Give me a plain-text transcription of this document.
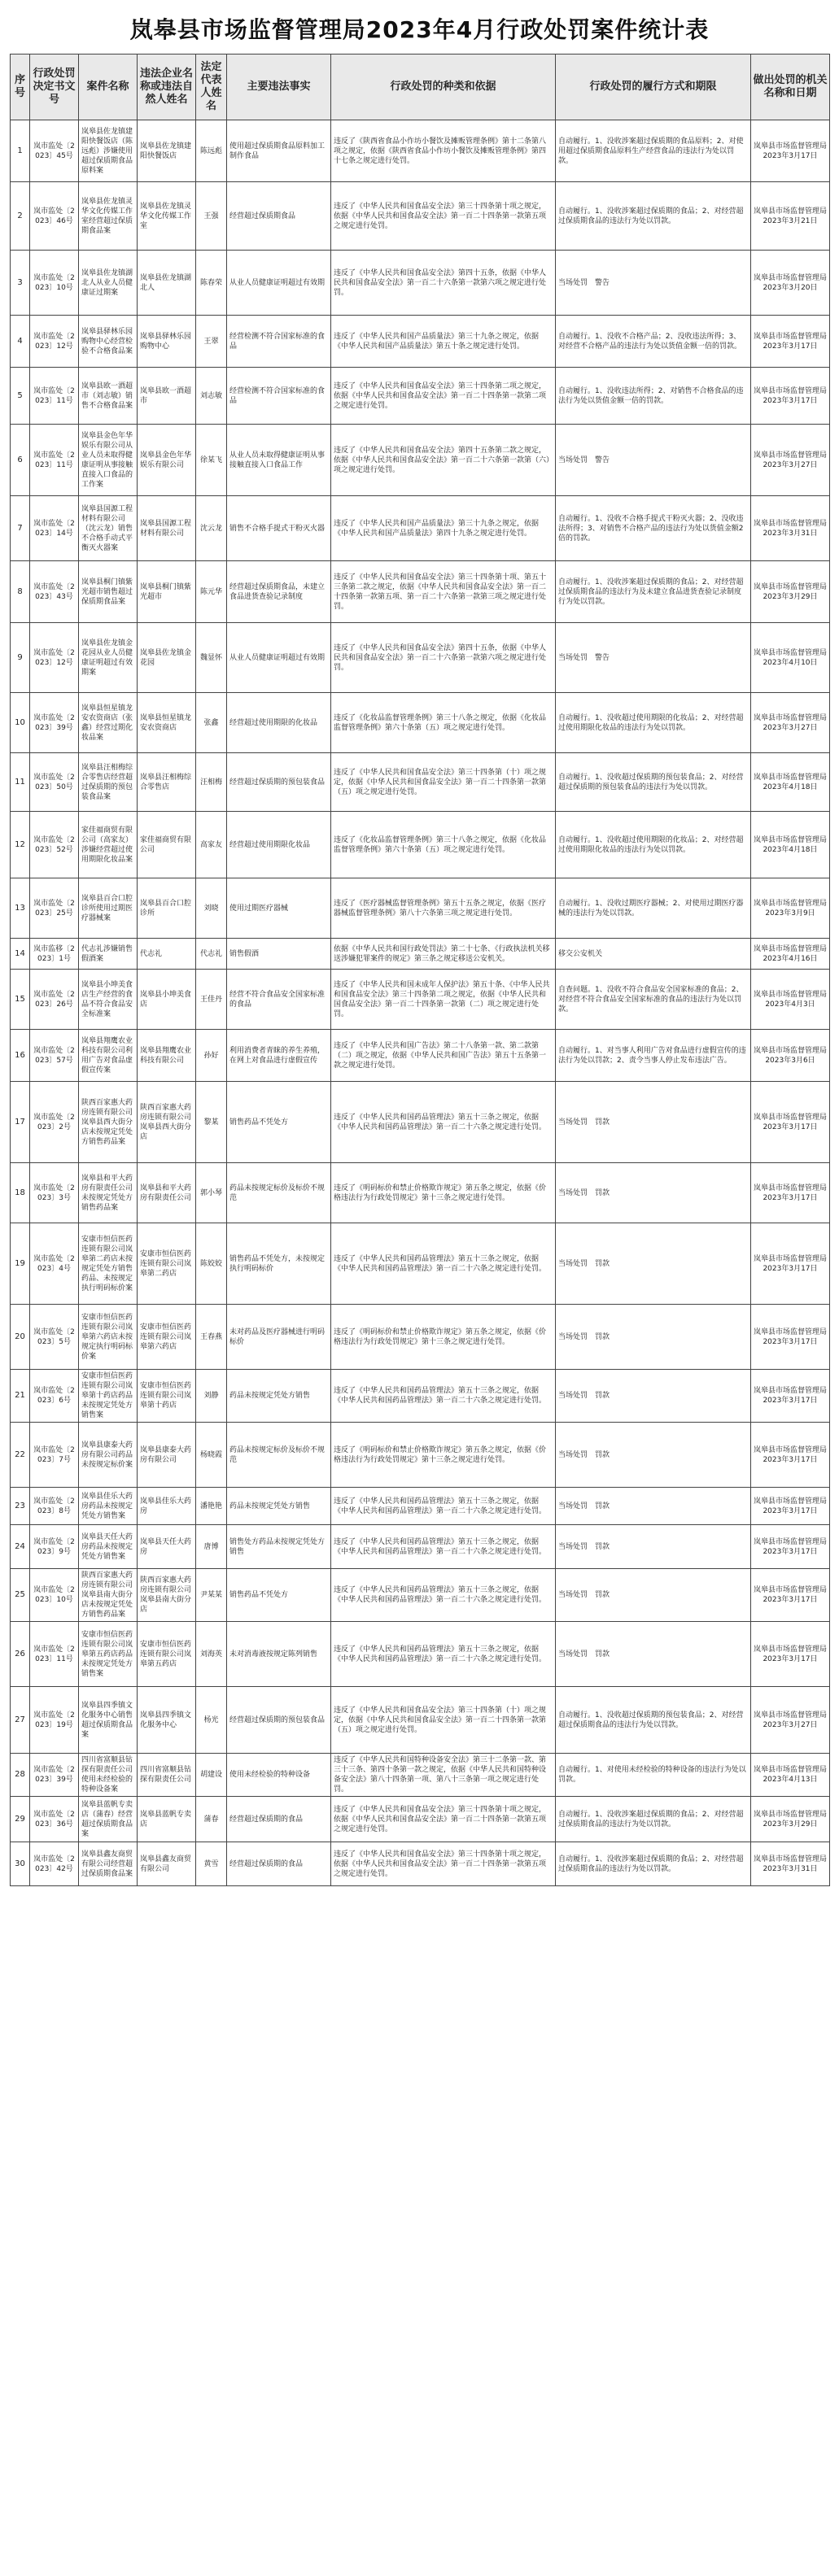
岚皋县市场监督管理局2023年4月行政处罚案件统计表
序号	行政处罚决定书文号	案件名称	违法企业名称或违法自然人姓名	法定代表人姓名	主要违法事实	行政处罚的种类和依据	行政处罚的履行方式和期限	做出处罚的机关名称和日期
1	岚市监处〔2023〕45号	岚皋县佐龙镇建阳快餐饭店（陈远彪）涉嫌使用超过保质期食品原料案	岚皋县佐龙镇建阳快餐饭店	陈远彪	使用超过保质期食品原料加工制作食品	违反了《陕西省食品小作坊小餐饮及摊贩管理条例》第十二条第八项之规定，依据《陕西省食品小作坊小餐饮及摊贩管理条例》第四十七条之规定进行处罚。	自动履行。1、没收涉案超过保质期的食品原料；2、对使用超过保质期食品原料生产经营食品的违法行为处以罚款。	岚皋县市场监督管理局 2023年3月17日
2	岚市监处〔2023〕46号	岚皋县佐龙镇灵华文化传媒工作室经营超过保质期食品案	岚皋县佐龙镇灵华文化传媒工作室	王强	经营超过保质期食品	违反了《中华人民共和国食品安全法》第三十四条第十项之规定，依据《中华人民共和国食品安全法》第一百二十四条第一款第五项之规定进行处罚。	自动履行。1、没收涉案超过保质期的食品；2、对经营超过保质期食品的违法行为处以罚款。	岚皋县市场监督管理局 2023年3月21日
3	岚市监处〔2023〕10号	岚皋县佐龙镇湖北人从业人员健康证过期案	岚皋县佐龙镇湖北人	陈春荣	从业人员健康证明超过有效期	违反了《中华人民共和国食品安全法》第四十五条，依据《中华人民共和国食品安全法》第一百二十六条第一款第六项之规定进行处罚。	当场处罚　警告	岚皋县市场监督管理局 2023年3月20日
4	岚市监处〔2023〕12号	岚皋县驿林乐园购物中心经营检验不合格食品案	岚皋县驿林乐园购物中心	王翠	经营检测不符合国家标准的食品	违反了《中华人民共和国产品质量法》第三十九条之规定，依据《中华人民共和国产品质量法》第五十条之规定进行处罚。	自动履行。1、没收不合格产品；2、没收违法所得；3、对经营不合格产品的违法行为处以货值金额一倍的罚款。	岚皋县市场监督管理局 2023年3月17日
5	岚市监处〔2023〕11号	岚皋县欧一酒超市（刘志敏）销售不合格食品案	岚皋县欧一酒超市	刘志敏	经营检测不符合国家标准的食品	违反了《中华人民共和国食品安全法》第三十四条第二项之规定，依据《中华人民共和国食品安全法》第一百二十四条第一款第二项之规定进行处罚。	自动履行。1、没收违法所得；2、对销售不合格食品的违法行为处以货值金额一倍的罚款。	岚皋县市场监督管理局 2023年3月17日
6	岚市监处〔2023〕11号	岚皋县金色年华娱乐有限公司从业人员未取得健康证明从事接触直接入口食品的工作案	岚皋县金色年华娱乐有限公司	徐某飞	从业人员未取得健康证明从事接触直接入口食品工作	违反了《中华人民共和国食品安全法》第四十五条第二款之规定，依据《中华人民共和国食品安全法》第一百二十六条第一款第（六）项之规定进行处罚。	当场处罚　警告	岚皋县市场监督管理局 2023年3月27日
7	岚市监处〔2023〕14号	岚皋县国源工程材料有限公司（沈云龙）销售不合格手动式平衡灭火器案	岚皋县国源工程材料有限公司	沈云龙	销售不合格手提式干粉灭火器	违反了《中华人民共和国产品质量法》第三十九条之规定，依据《中华人民共和国产品质量法》第四十九条之规定进行处罚。	自动履行。1、没收不合格手提式干粉灭火器；2、没收违法所得；3、对销售不合格产品的违法行为处以货值金额2倍的罚款。	岚皋县市场监督管理局 2023年3月31日
8	岚市监处〔2023〕43号	岚皋县桐门镇紫光超市销售超过保质期食品案	岚皋县桐门镇紫光超市	陈元华	经营超过保质期食品，未建立食品进货查验记录制度	违反了《中华人民共和国食品安全法》第三十四条第十项、第五十三条第二款之规定，依据《中华人民共和国食品安全法》第一百二十四条第一款第五项、第一百二十六条第一款第三项之规定进行处罚。	自动履行。1、没收涉案超过保质期的食品；2、对经营超过保质期食品的违法行为及未建立食品进货查验记录制度行为处以罚款。	岚皋县市场监督管理局 2023年3月29日
9	岚市监处〔2023〕12号	岚皋县佐龙镇金花园从业人员健康证明超过有效期案	岚皋县佐龙镇金花园	魏显怀	从业人员健康证明超过有效期	违反了《中华人民共和国食品安全法》第四十五条，依据《中华人民共和国食品安全法》第一百二十六条第一款第六项之规定进行处罚。	当场处罚　警告	岚皋县市场监督管理局 2023年4月10日
10	岚市监处〔2023〕39号	岚皋县恒星镇龙安农资商店（张鑫）经营过期化妆品案	岚皋县恒星镇龙安农资商店	张鑫	经营超过使用期限的化妆品	违反了《化妆品监督管理条例》第三十八条之规定，依据《化妆品监督管理条例》第六十条第（五）项之规定进行处罚。	自动履行。1、没收超过使用期限的化妆品；2、对经营超过使用期限化妆品的违法行为处以罚款。	岚皋县市场监督管理局 2023年3月27日
11	岚市监处〔2023〕50号	岚皋县汪相梅综合零售店经营超过保质期的预包装食品案	岚皋县汪相梅综合零售店	汪相梅	经营超过保质期的预包装食品	违反了《中华人民共和国食品安全法》第三十四条第（十）项之规定，依据《中华人民共和国食品安全法》第一百二十四条第一款第（五）项之规定进行处罚。	自动履行。1、没收超过保质期的预包装食品；2、对经营超过保质期的预包装食品的违法行为处以罚款。	岚皋县市场监督管理局 2023年4月18日
12	岚市监处〔2023〕52号	家佳福商贸有限公司（高家友）涉嫌经营超过使用期限化妆品案	家佳福商贸有限公司	高家友	经营超过使用期限化妆品	违反了《化妆品监督管理条例》第三十八条之规定，依据《化妆品监督管理条例》第六十条第（五）项之规定进行处罚。	自动履行。1、没收超过使用期限的化妆品；2、对经营超过使用期限化妆品的违法行为处以罚款。	岚皋县市场监督管理局 2023年4月18日
13	岚市监处〔2023〕25号	岚皋县百合口腔诊所使用过期医疗器械案	岚皋县百合口腔诊所	刘晓	使用过期医疗器械	违反了《医疗器械监督管理条例》第五十五条之规定，依据《医疗器械监督管理条例》第八十六条第三项之规定进行处罚。	自动履行。1、没收过期医疗器械；2、对使用过期医疗器械的违法行为处以罚款。	岚皋县市场监督管理局 2023年3月9日
14	岚市监移〔2023〕1号	代志礼涉嫌销售假酒案	代志礼	代志礼	销售假酒	依据《中华人民共和国行政处罚法》第二十七条、《行政执法机关移送涉嫌犯罪案件的规定》第三条之规定移送公安机关。	移交公安机关	岚皋县市场监督管理局 2023年4月16日
15	岚市监处〔2023〕26号	岚皋县小坤美食店生产经营的食品不符合食品安全标准案	岚皋县小坤美食店	王佳丹	经营不符合食品安全国家标准的食品	违反了《中华人民共和国未成年人保护法》第五十条、《中华人民共和国食品安全法》第三十四条第二项之规定，依据《中华人民共和国食品安全法》第一百二十四条第一款第（二）项之规定进行处罚。	自查问题。1、没收不符合食品安全国家标准的食品；2、对经营不符合食品安全国家标准的食品的违法行为处以罚款。	岚皋县市场监督管理局 2023年4月3日
16	岚市监处〔2023〕57号	岚皋县翔鹰农业科技有限公司利用广告对食品虚假宣传案	岚皋县翔鹰农业科技有限公司	孙好	利用消费者青睐的养生养殖，在网上对食品进行虚假宣传	违反了《中华人民共和国广告法》第二十八条第一款、第二款第（二）项之规定，依据《中华人民共和国广告法》第五十五条第一款之规定进行处罚。	自动履行。1、对当事人利用广告对食品进行虚假宣传的违法行为处以罚款；2、责令当事人停止发布违法广告。	岚皋县市场监督管理局 2023年3月6日
17	岚市监处〔2023〕2号	陕西百家惠大药房连锁有限公司岚皋县西大街分店未按规定凭处方销售药品案	陕西百家惠大药房连锁有限公司岚皋县西大街分店	黎某	销售药品不凭处方	违反了《中华人民共和国药品管理法》第五十三条之规定，依据《中华人民共和国药品管理法》第一百二十六条之规定进行处罚。	当场处罚　罚款	岚皋县市场监督管理局 2023年3月17日
18	岚市监处〔2023〕3号	岚皋县和平大药房有限责任公司未按规定凭处方销售药品案	岚皋县和平大药房有限责任公司	郭小琴	药品未按规定标价及标价不规范	违反了《明码标价和禁止价格欺诈规定》第五条之规定，依据《价格违法行为行政处罚规定》第十三条之规定进行处罚。	当场处罚　罚款	岚皋县市场监督管理局 2023年3月17日
19	岚市监处〔2023〕4号	安康市恒信医药连锁有限公司岚皋第二药店未按规定凭处方销售药品、未按规定执行明码标价案	安康市恒信医药连锁有限公司岚皋第二药店	陈姣姣	销售药品不凭处方，未按规定执行明码标价	违反了《中华人民共和国药品管理法》第五十三条之规定，依据《中华人民共和国药品管理法》第一百二十六条之规定进行处罚。	当场处罚　罚款	岚皋县市场监督管理局 2023年3月17日
20	岚市监处〔2023〕5号	安康市恒信医药连锁有限公司岚皋第六药店未按规定执行明码标价案	安康市恒信医药连锁有限公司岚皋第六药店	王春燕	未对药品及医疗器械进行明码标价	违反了《明码标价和禁止价格欺诈规定》第五条之规定，依据《价格违法行为行政处罚规定》第十三条之规定进行处罚。	当场处罚　罚款	岚皋县市场监督管理局 2023年3月17日
21	岚市监处〔2023〕6号	安康市恒信医药连锁有限公司岚皋第十药店药品未按规定凭处方销售案	安康市恒信医药连锁有限公司岚皋第十药店	刘静	药品未按规定凭处方销售	违反了《中华人民共和国药品管理法》第五十三条之规定，依据《中华人民共和国药品管理法》第一百二十六条之规定进行处罚。	当场处罚　罚款	岚皋县市场监督管理局 2023年3月17日
22	岚市监处〔2023〕7号	岚皋县康泰大药房有限公司药品未按规定标价案	岚皋县康泰大药房有限公司	杨晓霞	药品未按规定标价及标价不规范	违反了《明码标价和禁止价格欺诈规定》第五条之规定，依据《价格违法行为行政处罚规定》第十三条之规定进行处罚。	当场处罚　罚款	岚皋县市场监督管理局 2023年3月17日
23	岚市监处〔2023〕8号	岚皋县佳乐大药房药品未按规定凭处方销售案	岚皋县佳乐大药房	潘艳艳	药品未按规定凭处方销售	违反了《中华人民共和国药品管理法》第五十三条之规定，依据《中华人民共和国药品管理法》第一百二十六条之规定进行处罚。	当场处罚　罚款	岚皋县市场监督管理局 2023年3月17日
24	岚市监处〔2023〕9号	岚皋县天任大药房药品未按规定凭处方销售案	岚皋县天任大药房	唐博	销售处方药品未按规定凭处方销售	违反了《中华人民共和国药品管理法》第五十三条之规定，依据《中华人民共和国药品管理法》第一百二十六条之规定进行处罚。	当场处罚　罚款	岚皋县市场监督管理局 2023年3月17日
25	岚市监处〔2023〕10号	陕西百家惠大药房连锁有限公司岚皋县南大街分店未按规定凭处方销售药品案	陕西百家惠大药房连锁有限公司岚皋县南大街分店	尹某某	销售药品不凭处方	违反了《中华人民共和国药品管理法》第五十三条之规定，依据《中华人民共和国药品管理法》第一百二十六条之规定进行处罚。	当场处罚　罚款	岚皋县市场监督管理局 2023年3月17日
26	岚市监处〔2023〕11号	安康市恒信医药连锁有限公司岚皋第五药店药品未按规定凭处方销售案	安康市恒信医药连锁有限公司岚皋第五药店	刘海英	未对消毒液按规定陈列销售	违反了《中华人民共和国药品管理法》第五十三条之规定，依据《中华人民共和国药品管理法》第一百二十六条之规定进行处罚。	当场处罚　罚款	岚皋县市场监督管理局 2023年3月17日
27	岚市监处〔2023〕19号	岚皋县四季镇文化服务中心销售超过保质期食品案	岚皋县四季镇文化服务中心	杨光	经营超过保质期的预包装食品	违反了《中华人民共和国食品安全法》第三十四条第（十）项之规定，依据《中华人民共和国食品安全法》第一百二十四条第一款第（五）项之规定进行处罚。	自动履行。1、没收超过保质期的预包装食品；2、对经营超过保质期食品的违法行为处以罚款。	岚皋县市场监督管理局 2023年3月27日
28	岚市监处〔2023〕39号	四川省富顺县钻探有限责任公司使用未经检验的特种设备案	四川省富顺县钻探有限责任公司	胡建设	使用未经检验的特种设备	违反了《中华人民共和国特种设备安全法》第三十二条第一款、第三十三条、第四十条第一款之规定，依据《中华人民共和国特种设备安全法》第八十四条第一项、第八十三条第一项之规定进行处罚。	自动履行。1、对使用未经检验的特种设备的违法行为处以罚款。	岚皋县市场监督管理局 2023年4月13日
29	岚市监处〔2023〕36号	岚皋县蓝帆专卖店（蒲春）经营超过保质期食品案	岚皋县蓝帆专卖店	蒲春	经营超过保质期的食品	违反了《中华人民共和国食品安全法》第三十四条第十项之规定，依据《中华人民共和国食品安全法》第一百二十四条第一款第五项之规定进行处罚。	自动履行。1、没收涉案超过保质期的食品；2、对经营超过保质期食品的违法行为处以罚款。	岚皋县市场监督管理局 2023年3月29日
30	岚市监处〔2023〕42号	岚皋县鑫友商贸有限公司经营超过保质期食品案	岚皋县鑫友商贸有限公司	黄雪	经营超过保质期的食品	违反了《中华人民共和国食品安全法》第三十四条第十项之规定，依据《中华人民共和国食品安全法》第一百二十四条第一款第五项之规定进行处罚。	自动履行。1、没收涉案超过保质期的食品；2、对经营超过保质期食品的违法行为处以罚款。	岚皋县市场监督管理局 2023年3月31日
